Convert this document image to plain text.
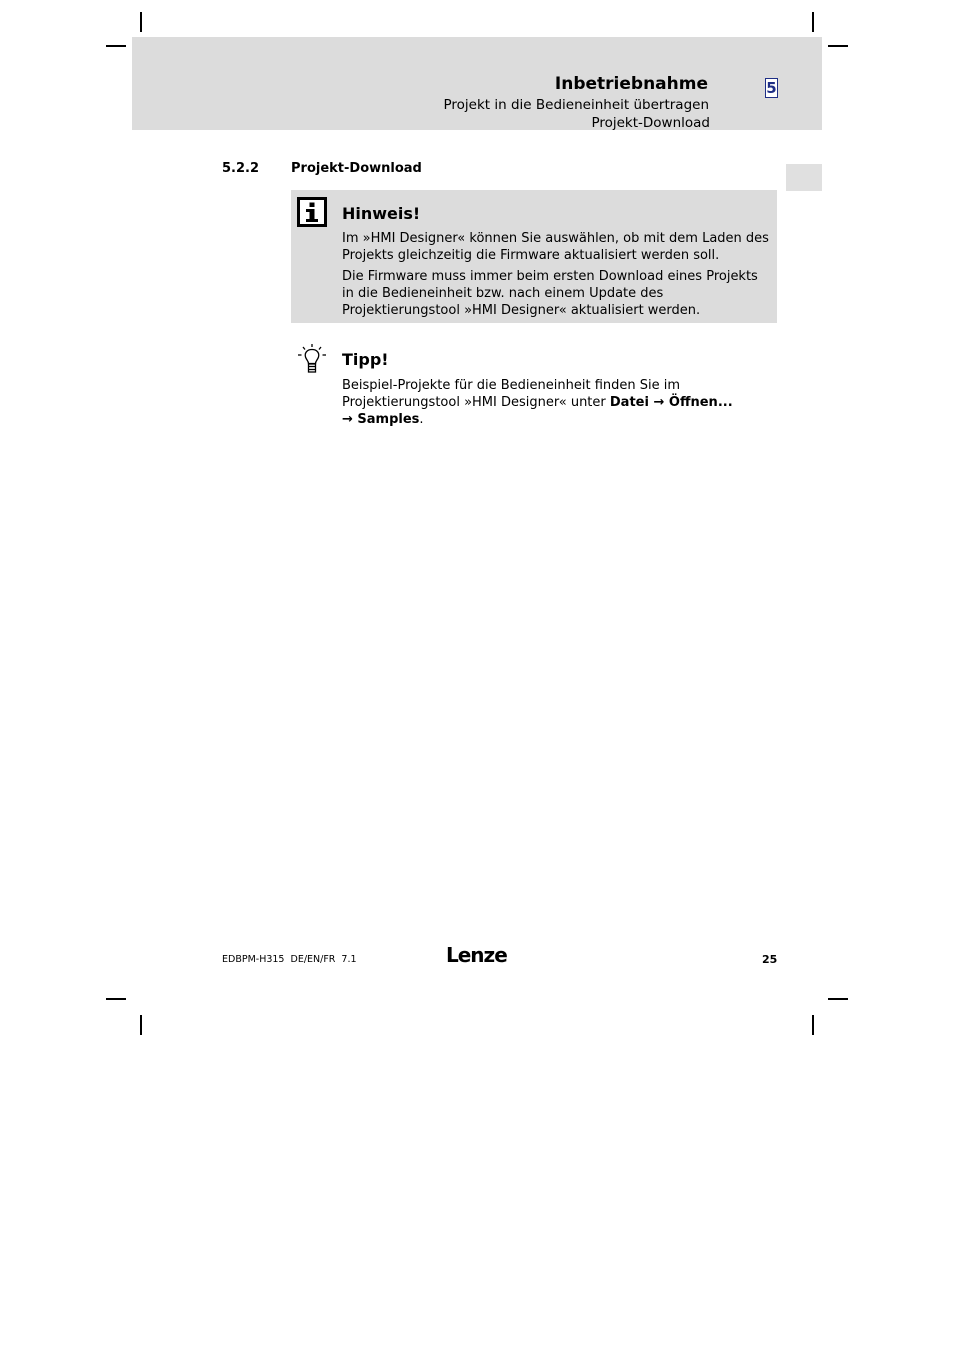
Inbetriebnahme
Projekt in die Bedieneinheit übertragen
Projekt-Download
5
5.2.2 Projekt-Download
Hinweis!
Im »HMI Designer« können Sie auswählen, ob mit dem Laden des Projekts gleichzeitig die Firmware aktualisiert werden soll.
Die Firmware muss immer beim ersten Download eines Projekts in die Bedieneinheit bzw. nach einem Update des Projektierungstool »HMI Designer« aktualisiert werden.
Tipp!
Beispiel-Projekte für die Bedieneinheit finden Sie im Projektierungstool »HMI Designer« unter Datei → Öffnen...
→ Samples.
EDBPM-H315  DE/EN/FR  7.1	Lenze	25
